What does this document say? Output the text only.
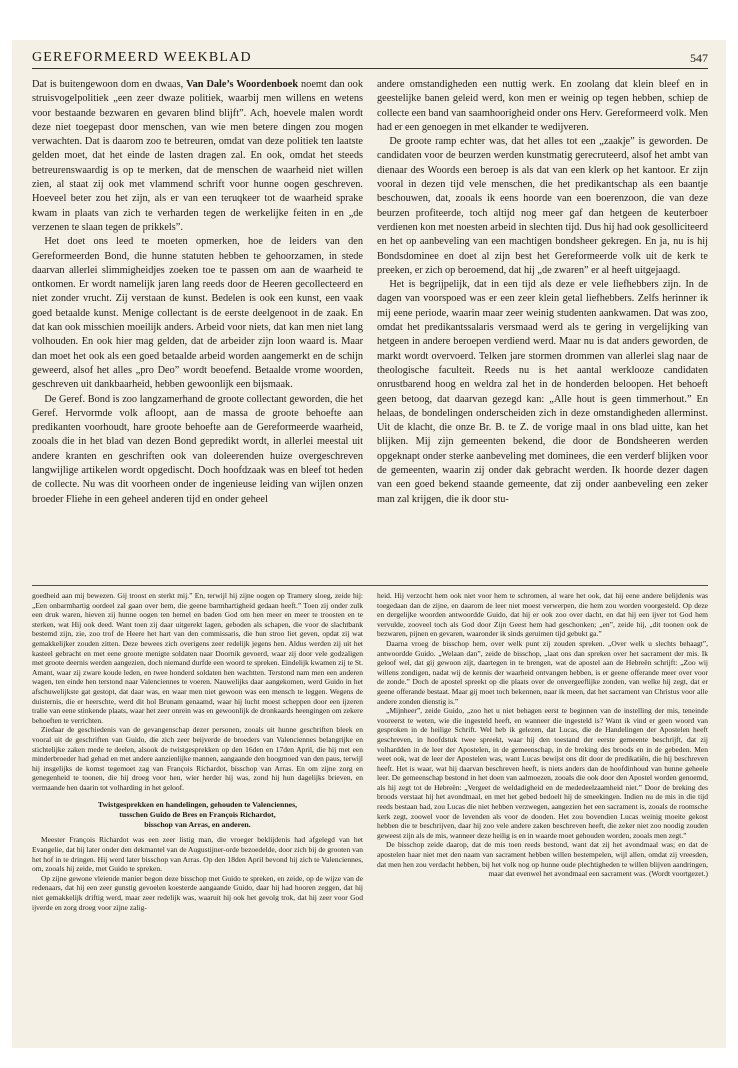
GEREFORMEERD WEEKBLAD	547

Dat is buitengewoon dom en dwaas, Van Dale’s Woordenboek noemt dan ook struisvogelpolitiek „een zeer dwaze politiek, waarbij men willens en wetens voor bestaande bezwaren en gevaren blind blijft”. Ach, hoevele malen wordt deze niet toegepast door menschen, van wie men betere dingen zou mogen verwachten. Dat is daarom zoo te betreuren, omdat van deze politiek ten laatste gelden moet, dat het einde de lasten dragen zal. En ook, omdat het steeds betreurenswaardig is op te merken, dat de menschen de waarheid niet willen zien, al staat zij ook met vlammend schrift voor hunne oogen geschreven. Hoeveel beter zou het zijn, als er van een teruqkeer tot de waarheid sprake kwam in plaats van zich te verharden tegen de werkelijke feiten in en „de verzenen te slaan tegen de prikkels”.

Het doet ons leed te moeten opmerken, hoe de leiders van den Gereformeerden Bond, die hunne statuten hebben te gehoorzamen, in stede daarvan allerlei slimmigheidjes zoeken toe te passen om aan de waarheid te ontkomen. Er wordt namelijk jaren lang reeds door de Heeren gecollecteerd en niet zonder vrucht. Zij verstaan de kunst. Bedelen is ook een kunst, een vaak goed betaalde kunst. Menige collectant is de eerste deelgenoot in de zaak. En dat kan ook misschien moeilijk anders. Arbeid voor niets, dat kan men niet lang volhouden. En ook hier mag gelden, dat de arbeider zijn loon waard is. Maar dan moet het ook als een goed betaalde arbeid worden aangemerkt en de schijn geweerd, alsof het alles „pro Deo” wordt beoefend. Betaalde vrome woorden, geschreven uit dankbaarheid, hebben gewoonlijk een bijsmaak.

De Geref. Bond is zoo langzamerhand de groote collectant geworden, die het Geref. Hervormde volk afloopt, aan de massa de groote behoefte aan predikanten voorhoudt, hare groote behoefte aan de Gereformeerde waarheid, zooals die in het blad van dezen Bond gepredikt wordt, in allerlei meestal uit andere kranten en geschriften ook van doleerenden huize overgeschreven langwijlige artikelen wordt opgedischt. Doch hoofdzaak was en bleef tot heden de collecte. Nu was dit voorheen onder de ingenieuse leiding van wijlen onzen broeder Fliehe in een geheel anderen tijd en onder geheel

andere omstandigheden een nuttig werk. En zoolang dat klein bleef en in geestelijke banen geleid werd, kon men er weinig op tegen hebben, schiep de collecte een band van saamhoorigheid onder ons Herv. Gereformeerd volk. Men had er een genoegen in met elkander te wedijveren.

De groote ramp echter was, dat het alles tot een „zaakje” is geworden. De candidaten voor de beurzen werden kunstmatig gerecruteerd, alsof het ambt van dienaar des Woords een beroep is als dat van een klerk op het kantoor. Er zijn vooral in dezen tijd vele menschen, die het predikantschap als een baantje beschouwen, dat, zooals ik eens hoorde van een boerenzoon, die van deze beurzen profiteerde, toch altijd nog meer gaf dan hetgeen de keuterboer verdienen kon met noesten arbeid in slechten tijd. Dus hij had ook gesolliciteerd en het op aanbeveling van een machtigen bondsheer gekregen. En ja, nu is hij Bondsdominee en doet al zijn best het Gereformeerde volk uit de kerk te preeken, er zich op beroemend, dat hij „de zwaren” er al heeft uitgejaagd.

Het is begrijpelijk, dat in een tijd als deze er vele liefhebbers zijn. In de dagen van voorspoed was er een zeer klein getal liefhebbers. Zelfs herinner ik mij eene periode, waarin maar zeer weinig studenten aankwamen. Dat was zoo, omdat het predikantssalaris versmaad werd als te gering in vergelijking van hetgeen in andere beroepen verdiend werd. Maar nu is dat anders geworden, de markt wordt overvoerd. Telken jare stormen drommen van allerlei slag naar de theologische faculteit. Reeds nu is het aantal werklooze candidaten onrustbarend hoog en weldra zal het in de honderden beloopen. Het behoeft geen betoog, dat daarvan gezegd kan: „Alle hout is geen timmerhout.” En helaas, de bondelingen onderscheiden zich in deze omstandigheden allerminst. Uit de klacht, die onze Br. B. te Z. de vorige maal in ons blad uitte, kan het blijken. Mij zijn gemeenten bekend, die door de Bondsheeren werden opgeknapt onder sterke aanbeveling met dominees, die een verderf blijken voor de gemeenten, waarin zij onder dak gebracht werden. Ik hoorde dezer dagen van een goed bekend staande gemeente, dat zij onder aanbeveling een zeker man zal krijgen, die ik door stu-

goedheid aan mij bewezen. Gij troost en sterkt mij.” En, terwijl hij zijne oogen op Tramery sloeg, zeide hij: „Een onbarmhartig oordeel zal gaan over hem, die geene barmhartigheid gedaan heeft.” Toen zij onder zulk een druk waren, hieven zij hunne oogen ten hemel en baden God om hen meer en meer te troosten en te sterken, wat Hij ook deed. Want toen zij daar uitgerekt lagen, geboden als schapen, die voor de slachtbank bestemd zijn, zie, zoo trof de Heere het hart van den commissaris, die hun stroo liet geven, opdat zij wat gemakkelijker zouden zitten. Deze bewees zich overigens zeer redelijk jegens hen. Aldus werden zij uit het kasteel gebracht en met eene groote menigte soldaten naar Doornik gevoerd, waar zij door vele godzaligen met groote deernis werden aangezien, doch niemand durfde een woord te spreken. Eindelijk kwamen zij te St. Amant, waar zij zware koude leden, en twee honderd soldaten hen wachtten. Terstond nam men een anderen wagen, ten einde hen terstond naar Valenciennes te voeren. Nauwelijks daar aangekomen, werd Guido in het afschuwelijkste gat gestopt, dat daar was, en waar men niet gewoon was een mensch te leggen. Wegens de duisternis, die er heerschte, werd dit hol Brunam genaamd, waar hij lucht moest scheppen door een ijzeren tralie van eene stinkende plaats, waar het zeer onrein was en gewoonlijk de dronkaards heengingen om zekere behoeften te verrichten.

Ziedaar de geschiedenis van de gevangenschap dezer personen, zooals uit hunne geschriften bleek en vooral uit de geschriften van Guido, die zich zeer beijverde de broeders van Valenciennes belangrijke en stichtelijke zaken mede te deelen, alsook de twistgesprekken op den 16den en 17den April, die hij met een minderbroeder had gehad en met andere aanzienlijke mannen, aangaande den hoogmoed van den paus, terwijl hij insgelijks de komst tegemoet zag van François Richardot, bisschop van Arras. En om zijne zorg en genegenheid te toonen, die hij droeg voor hen, wier herder hij was, zond hij hun dagelijks brieven, en vermaande hen daarin tot volharding in het geloof.

Twistgesprekken en handelingen, gehouden te Valenciennes,
tusschen Guido de Bres en François Richardot,
bisschop van Arras, en anderen.

Meester François Richardot was een zeer listig man, die vroeger beklijdenis had afgelegd van het Evangelie, dat hij later onder den dekmantel van de Augustijner-orde bezoedelde, door zich bij de grooten van het hof in te dringen. Hij werd later bisschop van Arras. Op den 18den April bevond hij zich te Valenciennes, om, zooals hij zeide, met Guido te spreken.

Op zijne gewone vleiende manier begon deze bisschop met Guido te spreken, en zeide, op de wijze van de redenaars, dat hij een zeer gunstig gevoelen koesterde aangaande Guido, daar hij had hooren zeggen, dat hij niet gemakkelijk driftig werd, maar zeer redelijk was, waaruit hij ook het gevolg trok, dat hij zeer voor God ijverde en zorg droeg voor zijne zalig-

heid. Hij verzocht hem ook niet voor hem te schromen, al ware het ook, dat hij eene andere belijdenis was toegedaan dan de zijne, en daarom de leer niet moest verwerpen, die hem zou worden voorgesteld. Op deze en dergelijke woorden antwoordde Guido, dat hij er ook zoo over dacht, en dat hij een ijver tot God hem vervulde, zooveel toch als God door Zijn Geest hem had geschonken; „en”, zeide hij, „dit toonen ook de bezwaren, pijnen en gevaren, waaronder ik sinds geruimen tijd gebukt ga.”

Daarna vroeg de bisschop hem, over welk punt zij zouden spreken. „Over welk u slechts behaagt”, antwoordde Guido. „Welaan dan”, zeide de bisschop, „laat ons dan spreken over het sacrament der mis. Ik geloof wel, dat gij gewoon zijt, daartegen in te brengen, wat de apostel aan de Hebreën schrijft: „Zoo wij willens zondigen, nadat wij de kennis der waarheid ontvangen hebben, is er geene offerande meer over voor de zonde.” Doch de apostel spreekt op die plaats over de onvergeeflijke zonden, van welke hij zegt, dat er geene offerande bestaat. Maar gij moet toch bekennen, naar ik meen, dat het sacrament van Christus voor alle andere zonden dienstig is.”

„Mijnheer”, zeide Guido, „zoo het u niet behagen eerst te beginnen van de instelling der mis, teneinde vooreerst te weten, wie die ingesteld heeft, en wanneer die ingesteld is? Want ik vind er geen woord van gesproken in de heilige Schrift. Wel heb ik gelezen, dat Lucas, die de Handelingen der Apostelen heeft geschreven, in hoofdstuk twee spreekt, waar hij den toestand der eerste gemeente beschrijft, dat zij volhardden in de leer der Apostelen, in de gemeenschap, in de breking des broods en in de gebeden. Men weet ook, wat de leer der Apostelen was, want Lucas bewijst ons dit door de predikatiën, die hij beschreven heeft. Het is waar, wat hij daarvan beschreven heeft, is niets anders dan de hoofdinhoud van hunne geheele leer. De gemeenschap bestond in het doen van aalmoezen, zooals die ook door den Apostel worden genoemd, als hij zegt tot de Hebreën: „Vergeet de weldadigheid en de mededeelzaamheid niet.” Door de breking des broods verstaat hij het avondmaal, en met het gebed bedoelt hij de smeekingen. Indien nu de mis in die tijd reeds bestaan had, zou Lucas die niet hebben verzwegen, aangezien het een sacrament is, zooals de roomsche kerk zegt, zoowel voor de levenden als voor de dooden. Het zou bovendien Lucas weinig moeite gekost hebben die te beschrijven, daar hij zoo vele andere zaken beschreven heeft, die zeker niet zoo noodig zouden geweest zijn als de mis, wanneer deze heilig is en in waarde moet gehouden worden, zooals men zegt.”

De bisschop zeide daarop, dat de mis toen reeds bestond, want dat zij het avondmaal was; en dat de apostelen haar niet met den naam van sacrament hebben willen bestempelen, wijl allen, omdat zij vreesden, dat men hen zou verdacht hebben, bij het volk nog op hunne oude plechtigheden te willen blijven aandringen, maar dat evenwel het avondmaal een sacrament was. (Wordt voortgezet.)
